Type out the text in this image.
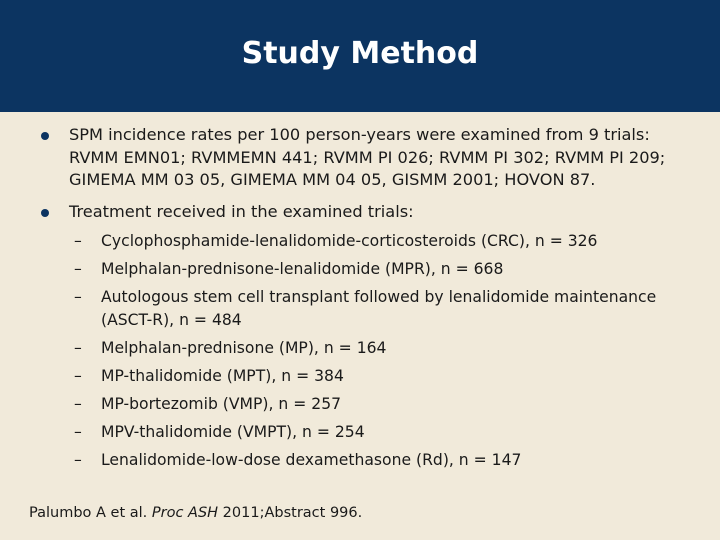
Study Method
SPM incidence rates per 100 person-years were examined from 9 trials: RVMM EMN01; RVMMEMN 441; RVMM PI 026; RVMM PI 302; RVMM PI 209; GIMEMA MM 03 05, GIMEMA MM 04 05, GISMM 2001; HOVON 87.
Treatment received in the examined trials:
– Cyclophosphamide-lenalidomide-corticosteroids (CRC), n = 326
– Melphalan-prednisone-lenalidomide (MPR), n = 668
– Autologous stem cell transplant followed by lenalidomide maintenance (ASCT-R), n = 484
– Melphalan-prednisone (MP), n = 164
– MP-thalidomide (MPT), n = 384
– MP-bortezomib (VMP), n = 257
– MPV-thalidomide (VMPT), n = 254
– Lenalidomide-low-dose dexamethasone (Rd), n = 147
Palumbo A et al. Proc ASH 2011;Abstract 996.
